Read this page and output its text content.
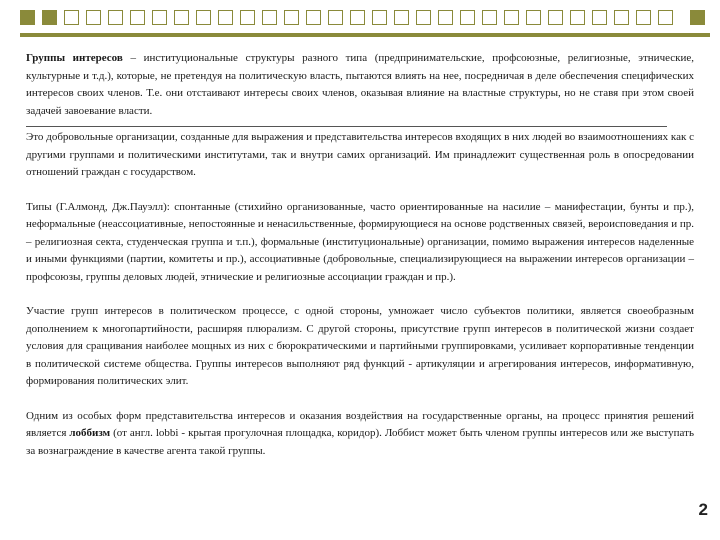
Группы интересов – институциональные структуры разного типа (предпринимательские, профсоюзные, религиозные, этнические, культурные и т.д.), которые, не претендуя на политическую власть, пытаются влиять на нее, посредничая в деле обеспечения специфических интересов своих членов. Т.е. они отстаивают интересы своих членов, оказывая влияние на властные структуры, но не ставя при этом своей задачей завоевание власти.

Это добровольные организации, созданные для выражения и представительства интересов входящих в них людей во взаимоотношениях как с другими группами и политическими институтами, так и внутри самих организаций. Им принадлежит существенная роль в опосредовании отношений граждан с государством.

Типы (Г.Алмонд, Дж.Пауэлл): спонтанные (стихийно организованные, часто ориентированные на насилие – манифестации, бунты и пр.), неформальные (неассоциативные, непостоянные и ненасильственные, формирующиеся на основе родственных связей, вероисповедания и пр. – религиозная секта, студенческая группа и т.п.), формальные (институциональные) организации, помимо выражения интересов наделенные и иными функциями (партии, комитеты и пр.), ассоциативные (добровольные, специализирующиеся на выражении интересов организации – профсоюзы, группы деловых людей, этнические и религиозные ассоциации граждан и пр.).

Участие групп интересов в политическом процессе, с одной стороны, умножает число субъектов политики, является своеобразным дополнением к многопартийности, расширяя плюрализм. С другой стороны, присутствие групп интересов в политической жизни создает условия для сращивания наиболее мощных из них с бюрократическими и партийными группировками, усиливает корпоративные тенденции в политической системе общества. Группы интересов выполняют ряд функций - артикуляции и агрегирования интересов, информативную, формирования политических элит.

Одним из особых форм представительства интересов и оказания воздействия на государственные органы, на процесс принятия решений является лоббизм (от англ. lobbi - крытая прогулочная площадка, коридор). Лоббист может быть членом группы интересов или же выступать за вознаграждение в качестве агента такой группы.

2
